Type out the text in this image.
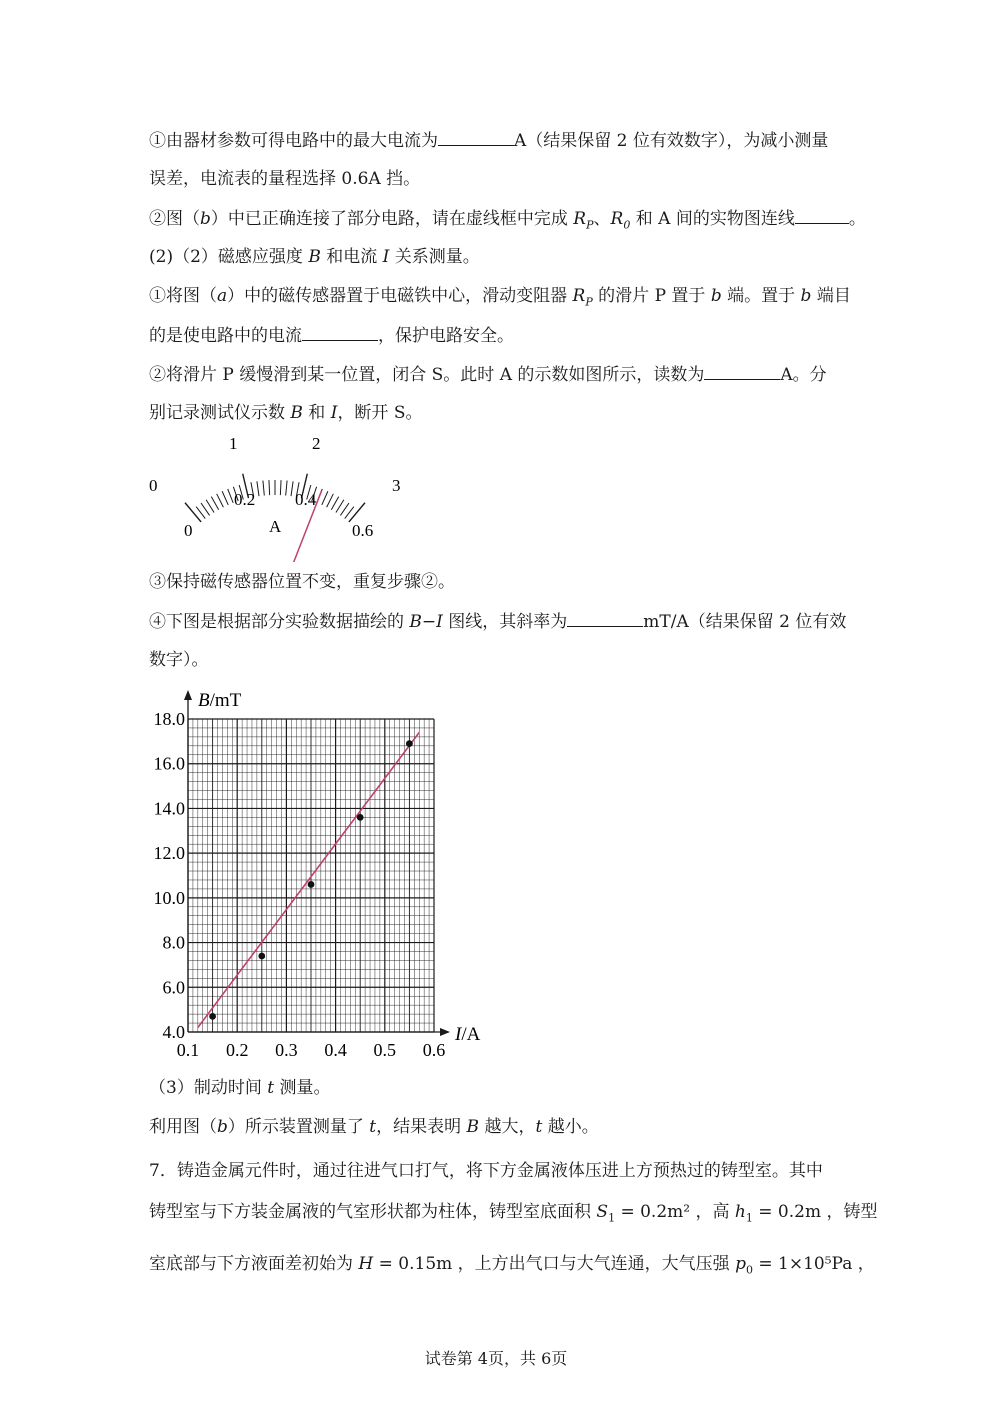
①由器材参数可得电路中的最大电流为	A（结果保留 2 位有效数字），为减小测量
误差，电流表的量程选择 0.6A 挡。
②图（b）中已正确连接了部分电路，请在虚线框中完成 $R_P$、$R_0$ 和 A 间的实物图连线	。
(2)（2）磁感应强度 B 和电流 I 关系测量。
①将图（a）中的磁传感器置于电磁铁中心，滑动变阻器 $R_P$ 的滑片 P 置于 b 端。置于 b 端目
的是使电路中的电流	，保护电路安全。
②将滑片 P 缓慢滑到某一位置，闭合 S。此时 A 的示数如图所示，读数为	A。分
别记录测试仪示数 B 和 I，断开 S。
0
1	2
3
0
0.2 0.4
0.6
A
③保持磁传感器位置不变，重复步骤②。
④下图是根据部分实验数据描绘的 B−I 图线，其斜率为	mT/A（结果保留 2 位有效
数字）。
0.1 0.2 0.3 0.4 0.5 0.6
4.0
6.0
8.0
10.0
12.0
14.0
16.0
18.0
B/mT
I/A
（3）制动时间 t 测量。
利用图（b）所示装置测量了 t，结果表明 B 越大，t 越小。
7．铸造金属元件时，通过往进气口打气，将下方金属液体压进上方预热过的铸型室。其中
铸型室与下方装金属液的气室形状都为柱体，铸型室底面积 $S_1 = 0.2m^2$ ，高 $h_1 = 0.2m$ ，铸型
室底部与下方液面差初始为 H = 0.15m ，上方出气口与大气连通，大气压强 $p_0 = 1\times 10^5Pa$ ，
试卷第 4页，共 6页
